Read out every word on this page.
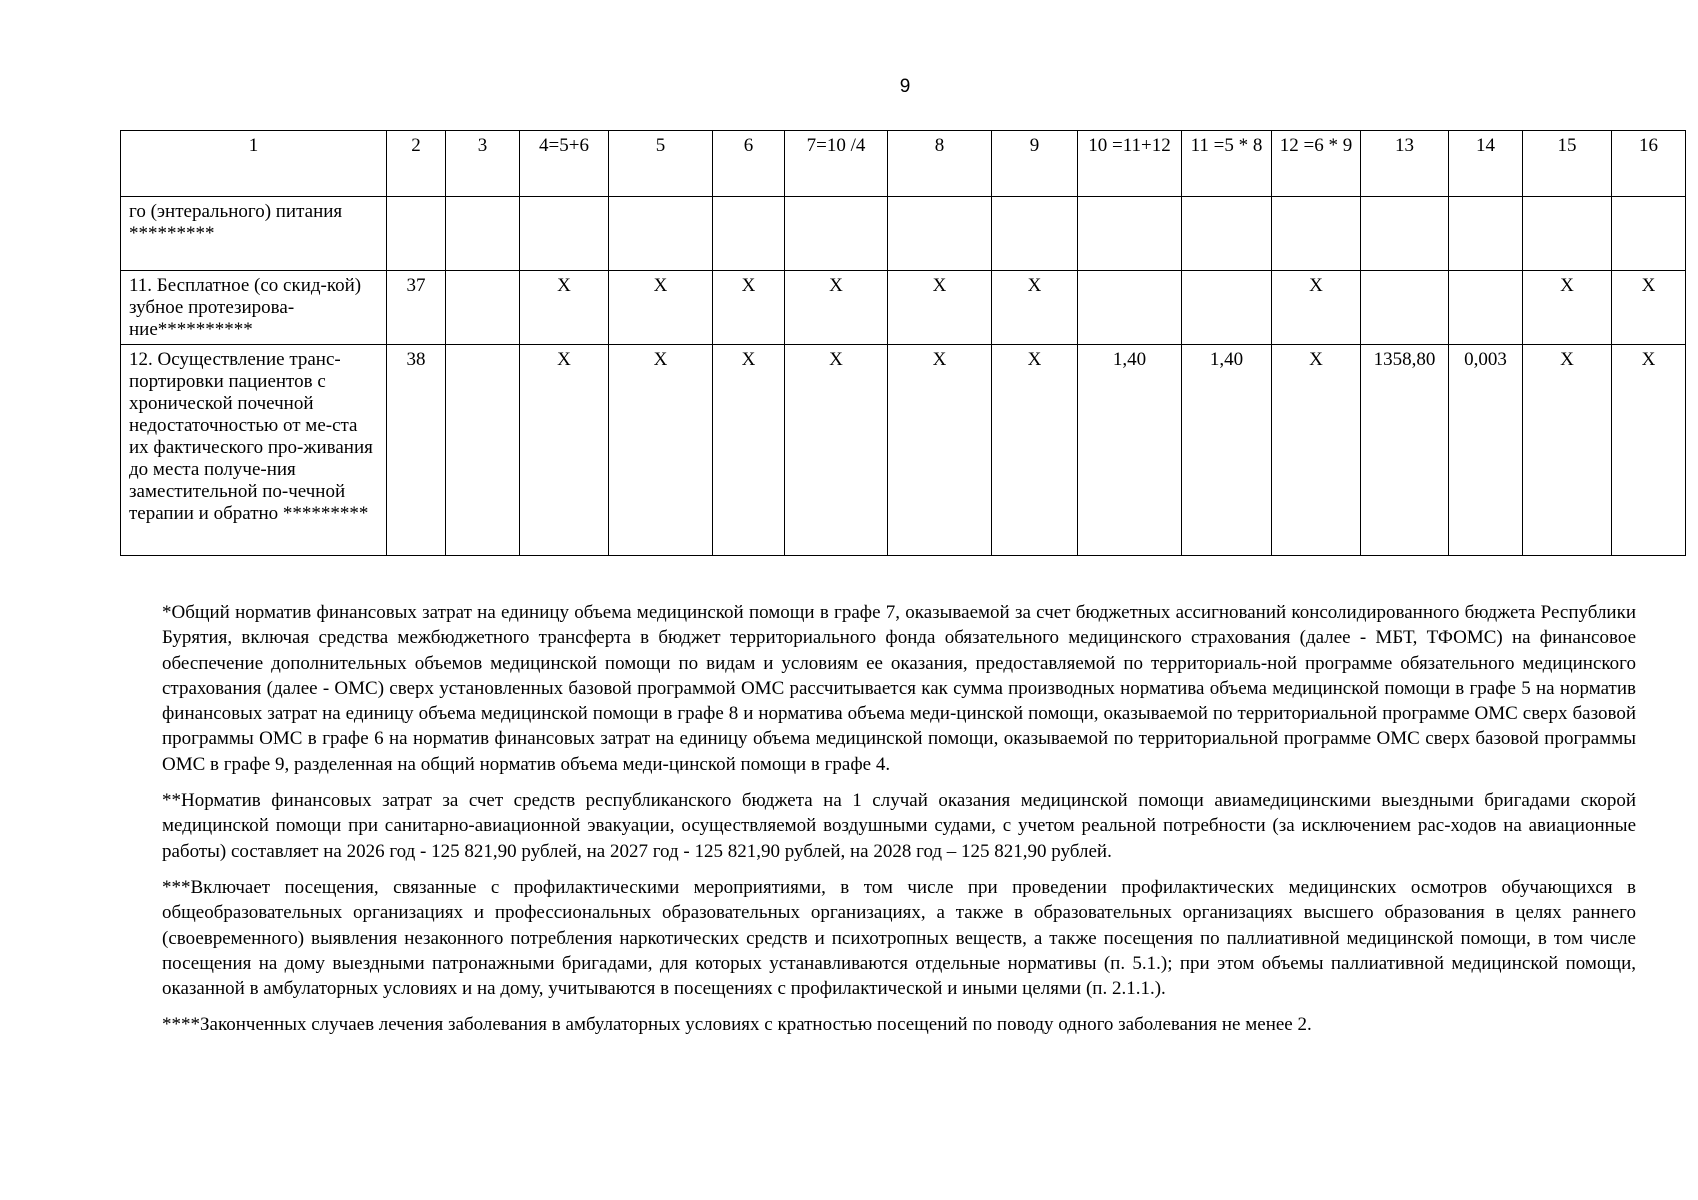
9
1	2	3	4=5+6	5	6	7=10 /4	8	9	10 =11+12	11 =5 * 8	12 =6 * 9	13	14	15	16
го (энтерального) питания *********															
11. Бесплатное (со скид-кой) зубное протезирова-ние**********	37		X	X	X	X	X	X			X			X	X
12. Осуществление транс-портировки пациентов с хронической почечной недостаточностью от ме-ста их фактического про-живания до места получе-ния заместительной по-чечной терапии и обратно *********	38		X	X	X	X	X	X	1,40	1,40	X	1358,80	0,003	X	X

*Общий норматив финансовых затрат на единицу объема медицинской помощи в графе 7, оказываемой за счет бюджетных ассигнований консолидированного бюджета Республики Бурятия, включая средства межбюджетного трансферта в бюджет территориального фонда обязательного медицинского страхования (далее - МБТ, ТФОМС) на финансовое обеспечение дополнительных объемов медицинской помощи по видам и условиям ее оказания, предоставляемой по территориаль-ной программе обязательного медицинского страхования (далее - ОМС) сверх установленных базовой программой ОМС рассчитывается как сумма производных норматива объема медицинской помощи в графе 5 на норматив финансовых затрат на единицу объема медицинской помощи в графе 8 и норматива объема меди-цинской помощи, оказываемой по территориальной программе ОМС сверх базовой программы ОМС в графе 6 на норматив финансовых затрат на единицу объема медицинской помощи, оказываемой по территориальной программе ОМС сверх базовой программы ОМС в графе 9, разделенная на общий норматив объема меди-цинской помощи в графе 4.

**Норматив финансовых затрат за счет средств республиканского бюджета на 1 случай оказания медицинской помощи авиамедицинскими выездными бригадами скорой медицинской помощи при санитарно-авиационной эвакуации, осуществляемой воздушными судами, с учетом реальной потребности (за исключением рас-ходов на авиационные работы) составляет на 2026 год - 125 821,90 рублей, на 2027 год - 125 821,90 рублей, на 2028 год – 125 821,90 рублей.

***Включает посещения, связанные с профилактическими мероприятиями, в том числе при проведении профилактических медицинских осмотров обучающихся в общеобразовательных организациях и профессиональных образовательных организациях, а также в образовательных организациях высшего образования в целях раннего (своевременного) выявления незаконного потребления наркотических средств и психотропных веществ, а также посещения по паллиативной медицинской помощи, в том числе посещения на дому выездными патронажными бригадами, для которых устанавливаются отдельные нормативы (п. 5.1.); при этом объемы паллиативной медицинской помощи, оказанной в амбулаторных условиях и на дому, учитываются в посещениях с профилактической и иными целями (п. 2.1.1.).

****Законченных случаев лечения заболевания в амбулаторных условиях с кратностью посещений по поводу одного заболевания не менее 2.
